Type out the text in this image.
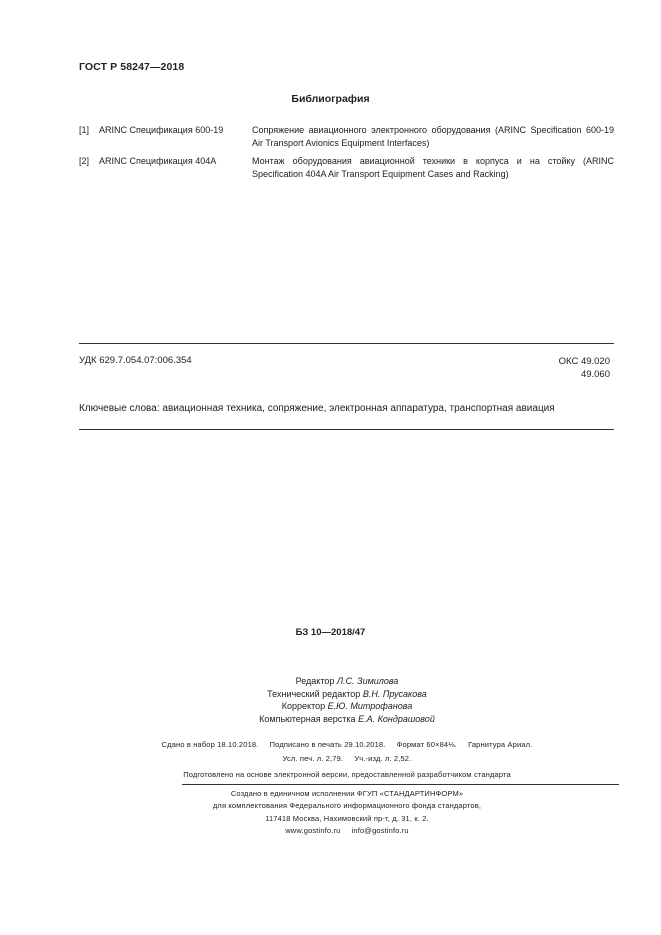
ГОСТ Р 58247—2018
Библиография
[1] ARINC Спецификация 600-19	Сопряжение авиационного электронного оборудования (ARINC Specification 600-19 Air Transport Avionics Equipment Interfaces)
[2] ARINC Спецификация 404A	Монтаж оборудования авиационной техники в корпуса и на стойку (ARINC Specification 404A Air Transport Equipment Cases and Racking)
УДК 629.7.054.07:006.354	ОКС 49.020
49.060
Ключевые слова: авиационная техника, сопряжение, электронная аппаратура, транспортная авиация
БЗ 10—2018/47
Редактор Л.С. Зимилова
Технический редактор В.Н. Прусакова
Корректор Е.Ю. Митрофанова
Компьютерная верстка Е.А. Кондрашовой
Сдано в набор 18.10.2018. Подписано в печать 29.10.2018. Формат 60×84⅛. Гарнитура Ариал.
Усл. печ. л. 2,79. Уч.-изд. л. 2,52.
Подготовлено на основе электронной версии, предоставленной разработчиком стандарта
Создано в единичном исполнении ФГУП «СТАНДАРТИНФОРМ»
для комплектования Федерального информационного фонда стандартов,
117418 Москва, Нахимовский пр-т, д. 31, к. 2.
www.gostinfo.ru info@gostinfo.ru
